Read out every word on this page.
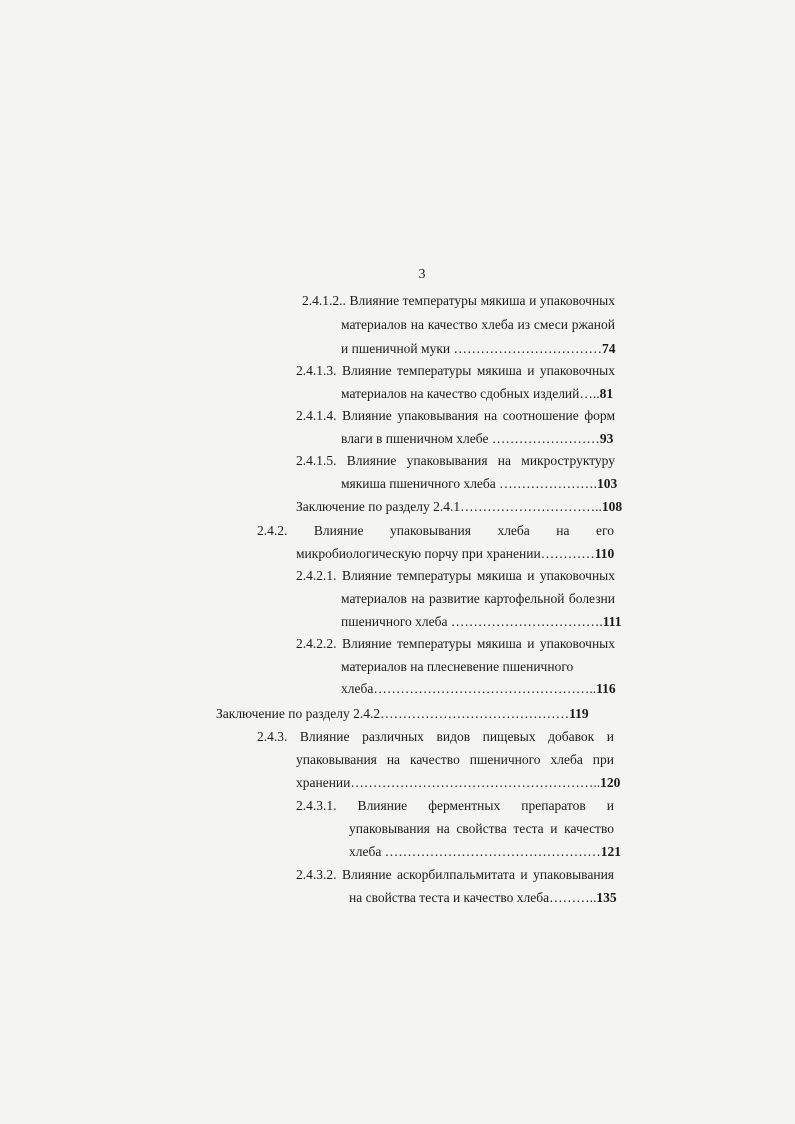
3
2.4.1.2.. Влияние температуры мякиша и упаковочных
материалов на качество хлеба из смеси ржаной
и пшеничной муки ……………………………74
2.4.1.3. Влияние температуры мякиша и упаковочных
материалов на качество сдобных изделий…..81
2.4.1.4. Влияние упаковывания на соотношение форм
влаги в пшеничном хлебе ……………………93
2.4.1.5. Влияние упаковывания на микроструктуру
мякиша пшеничного хлеба ………………….103
Заключение по разделу 2.4.1…………………………..108
2.4.2. Влияние упаковывания хлеба на его
микробиологическую порчу при хранении…………110
2.4.2.1. Влияние температуры мякиша и упаковочных
материалов на развитие картофельной болезни
пшеничного хлеба …………………………….111
2.4.2.2. Влияние температуры мякиша и упаковочных
материалов на плесневение пшеничного
хлеба…………………………………………..116
Заключение по разделу 2.4.2……………………………………119
2.4.3. Влияние различных видов пищевых добавок и
упаковывания на качество пшеничного хлеба при
хранении………………………………………………..120
2.4.3.1. Влияние ферментных препаратов и
упаковывания на свойства теста и качество
хлеба …………………………………………121
2.4.3.2. Влияние аскорбилпальмитата и упаковывания
на свойства теста и качество хлеба………..135
